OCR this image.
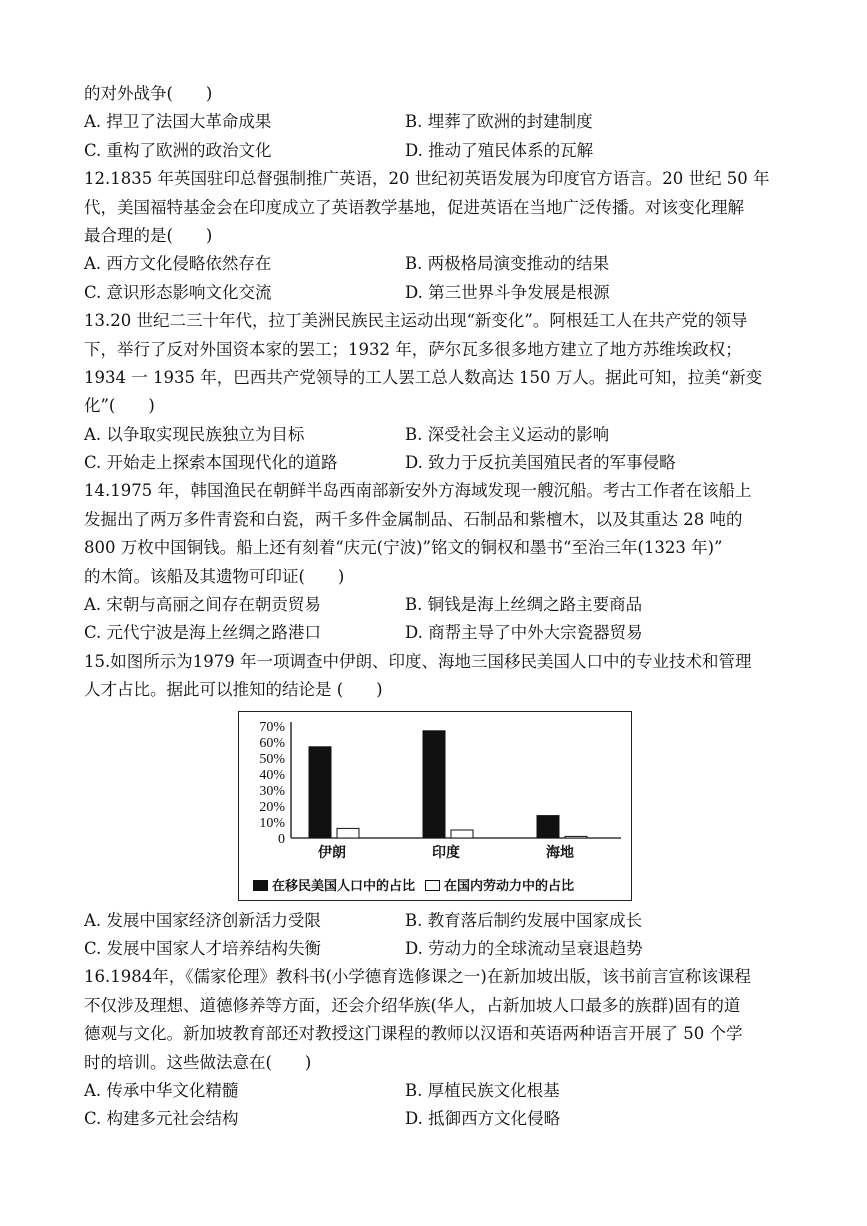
的对外战争(　　)
A. 捍卫了法国大革命成果	B. 埋葬了欧洲的封建制度
C. 重构了欧洲的政治文化	D. 推动了殖民体系的瓦解
12.1835 年英国驻印总督强制推广英语，20 世纪初英语发展为印度官方语言。20 世纪 50 年
代，美国福特基金会在印度成立了英语教学基地，促进英语在当地广泛传播。对该变化理解
最合理的是(　　)
A. 西方文化侵略依然存在	B. 两极格局演变推动的结果
C. 意识形态影响文化交流	D. 第三世界斗争发展是根源
13.20 世纪二三十年代，拉丁美洲民族民主运动出现“新变化”。阿根廷工人在共产党的领导
下，举行了反对外国资本家的罢工；1932 年，萨尔瓦多很多地方建立了地方苏维埃政权；
1934 一 1935 年，巴西共产党领导的工人罢工总人数高达 150 万人。据此可知，拉美“新变
化”(　　)
A. 以争取实现民族独立为目标	B. 深受社会主义运动的影响
C. 开始走上探索本国现代化的道路	D. 致力于反抗美国殖民者的军事侵略
14.1975 年，韩国渔民在朝鲜半岛西南部新安外方海域发现一艘沉船。考古工作者在该船上
发掘出了两万多件青瓷和白瓷，两千多件金属制品、石制品和紫檀木，以及其重达 28 吨的
800 万枚中国铜钱。船上还有刻着“庆元(宁波)”铭文的铜权和墨书“至治三年(1323 年)”
的木简。该船及其遗物可印证(　　)
A. 宋朝与高丽之间存在朝贡贸易	B. 铜钱是海上丝绸之路主要商品
C. 元代宁波是海上丝绸之路港口	D. 商帮主导了中外大宗瓷器贸易
15.如图所示为1979 年一项调查中伊朗、印度、海地三国移民美国人口中的专业技术和管理
人才占比。据此可以推知的结论是 (　　)
0
10%
20%
30%
40%
50%
60%
70%
伊朗	印度	海地
在移民美国人口中的占比 在国内劳动力中的占比
A. 发展中国家经济创新活力受限	B. 教育落后制约发展中国家成长
C. 发展中国家人才培养结构失衡	D. 劳动力的全球流动呈衰退趋势
16.1984年，《儒家伦理》教科书(小学德育选修课之一)在新加坡出版，该书前言宣称该课程
不仅涉及理想、道德修养等方面，还会介绍华族(华人，占新加坡人口最多的族群)固有的道
德观与文化。新加坡教育部还对教授这门课程的教师以汉语和英语两种语言开展了 50 个学
时的培训。这些做法意在(　　)
A. 传承中华文化精髓	B. 厚植民族文化根基
C. 构建多元社会结构	D. 抵御西方文化侵略
